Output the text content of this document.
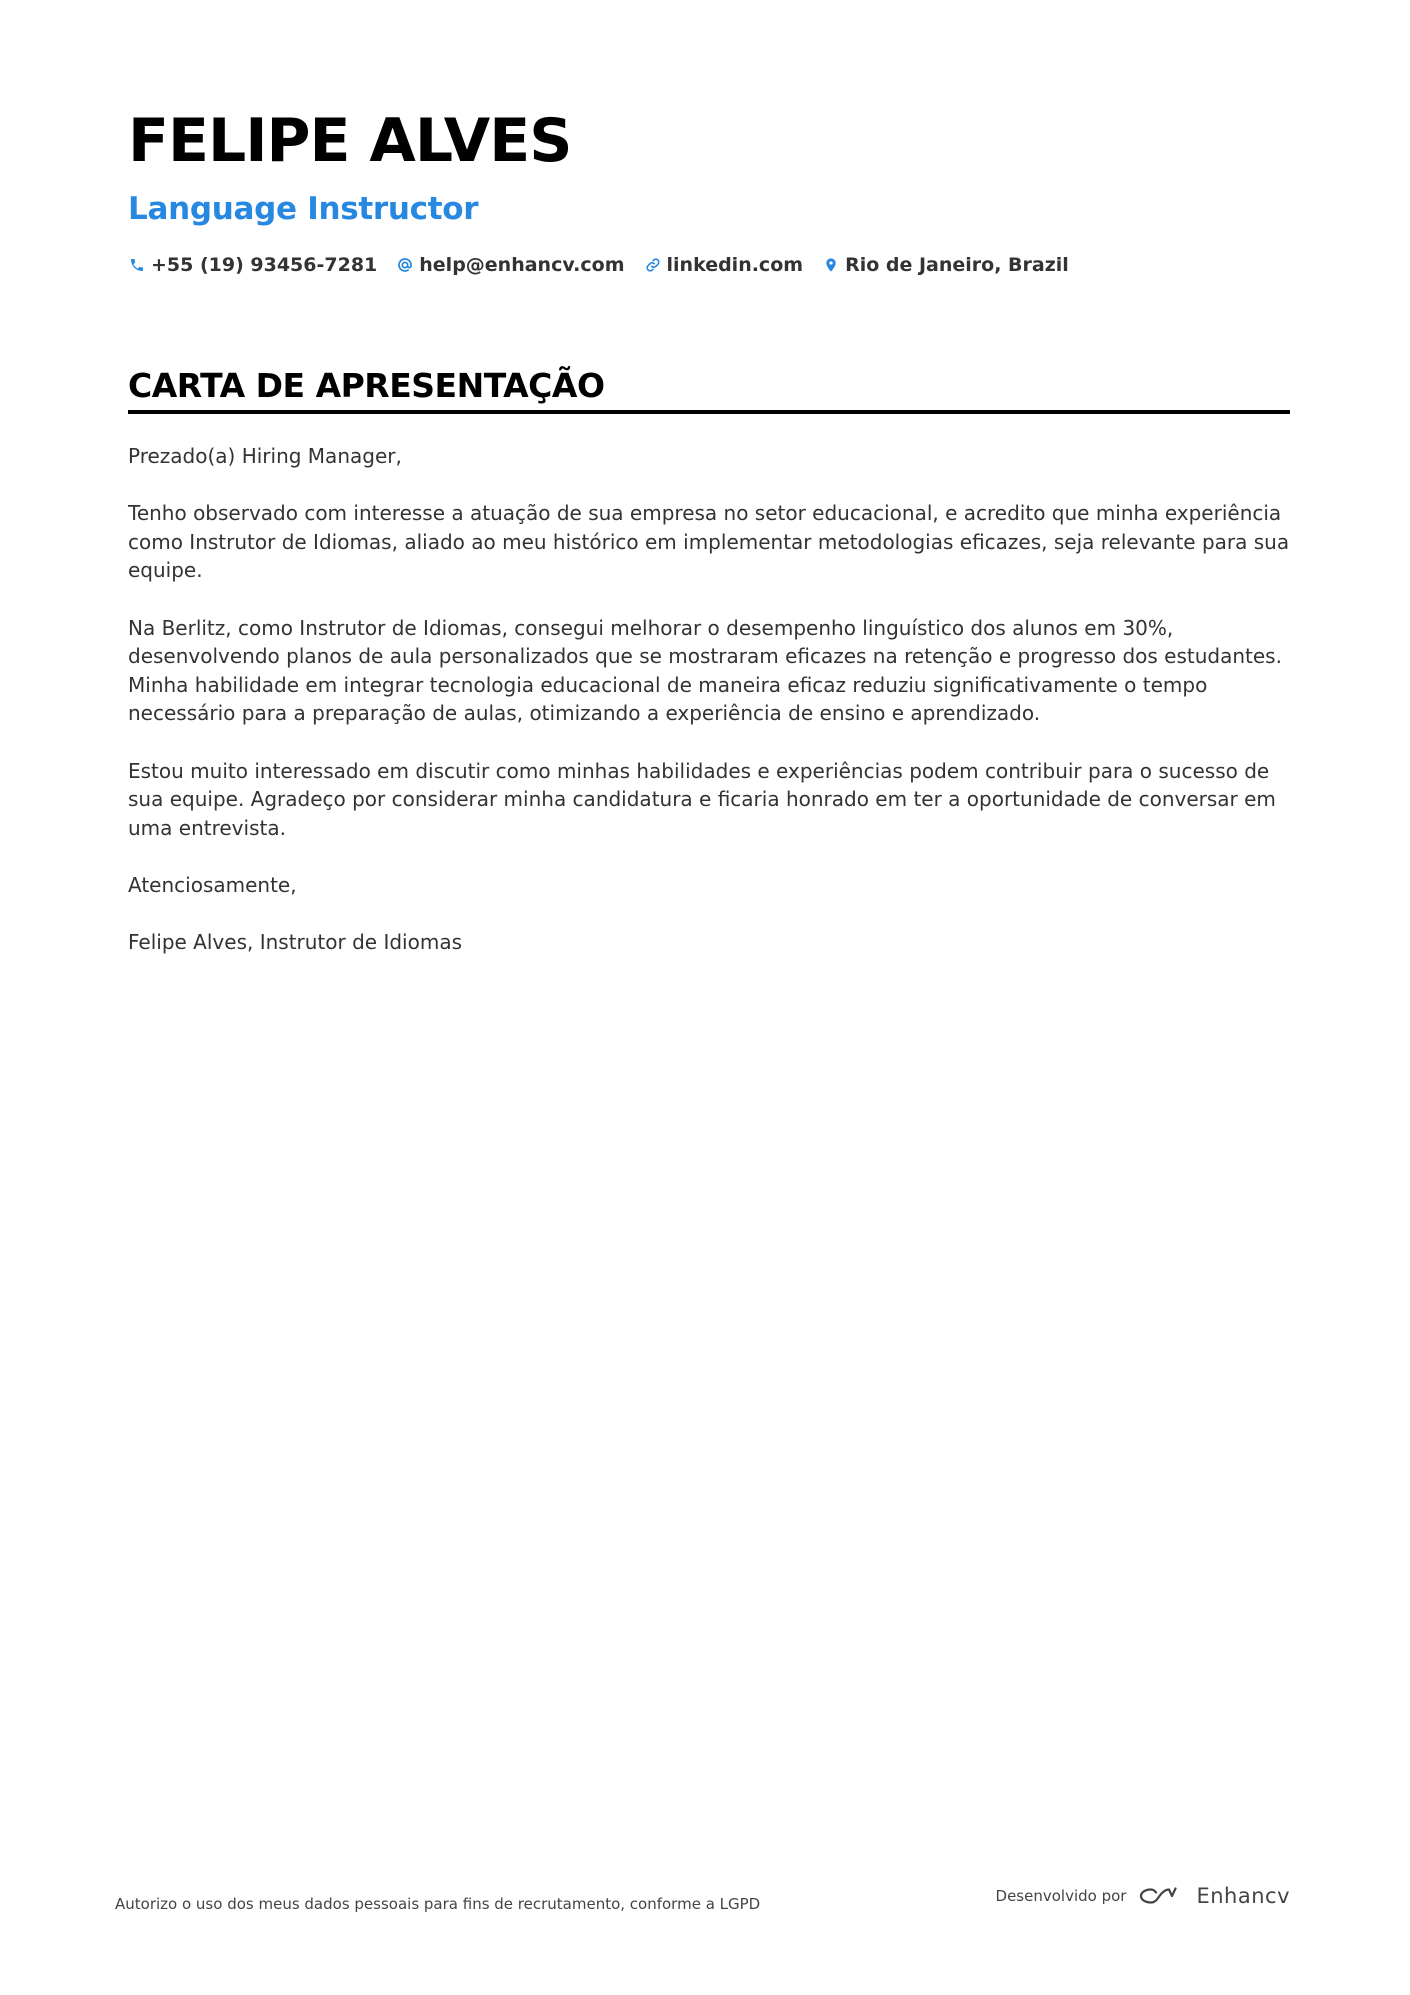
FELIPE ALVES
Language Instructor
+55 (19) 93456-7281 help@enhancv.com linkedin.com Rio de Janeiro, Brazil
CARTA DE APRESENTAÇÃO

Prezado(a) Hiring Manager,

Tenho observado com interesse a atuação de sua empresa no setor educacional, e acredito que minha experiência como Instrutor de Idiomas, aliado ao meu histórico em implementar metodologias eficazes, seja relevante para sua equipe.

Na Berlitz, como Instrutor de Idiomas, consegui melhorar o desempenho linguístico dos alunos em 30%, desenvolvendo planos de aula personalizados que se mostraram eficazes na retenção e progresso dos estudantes. Minha habilidade em integrar tecnologia educacional de maneira eficaz reduziu significativamente o tempo necessário para a preparação de aulas, otimizando a experiência de ensino e aprendizado.

Estou muito interessado em discutir como minhas habilidades e experiências podem contribuir para o sucesso de sua equipe. Agradeço por considerar minha candidatura e ficaria honrado em ter a oportunidade de conversar em uma entrevista.

Atenciosamente,

Felipe Alves, Instrutor de Idiomas

Autorizo o uso dos meus dados pessoais para fins de recrutamento, conforme a LGPD	Desenvolvido por	Enhancv
